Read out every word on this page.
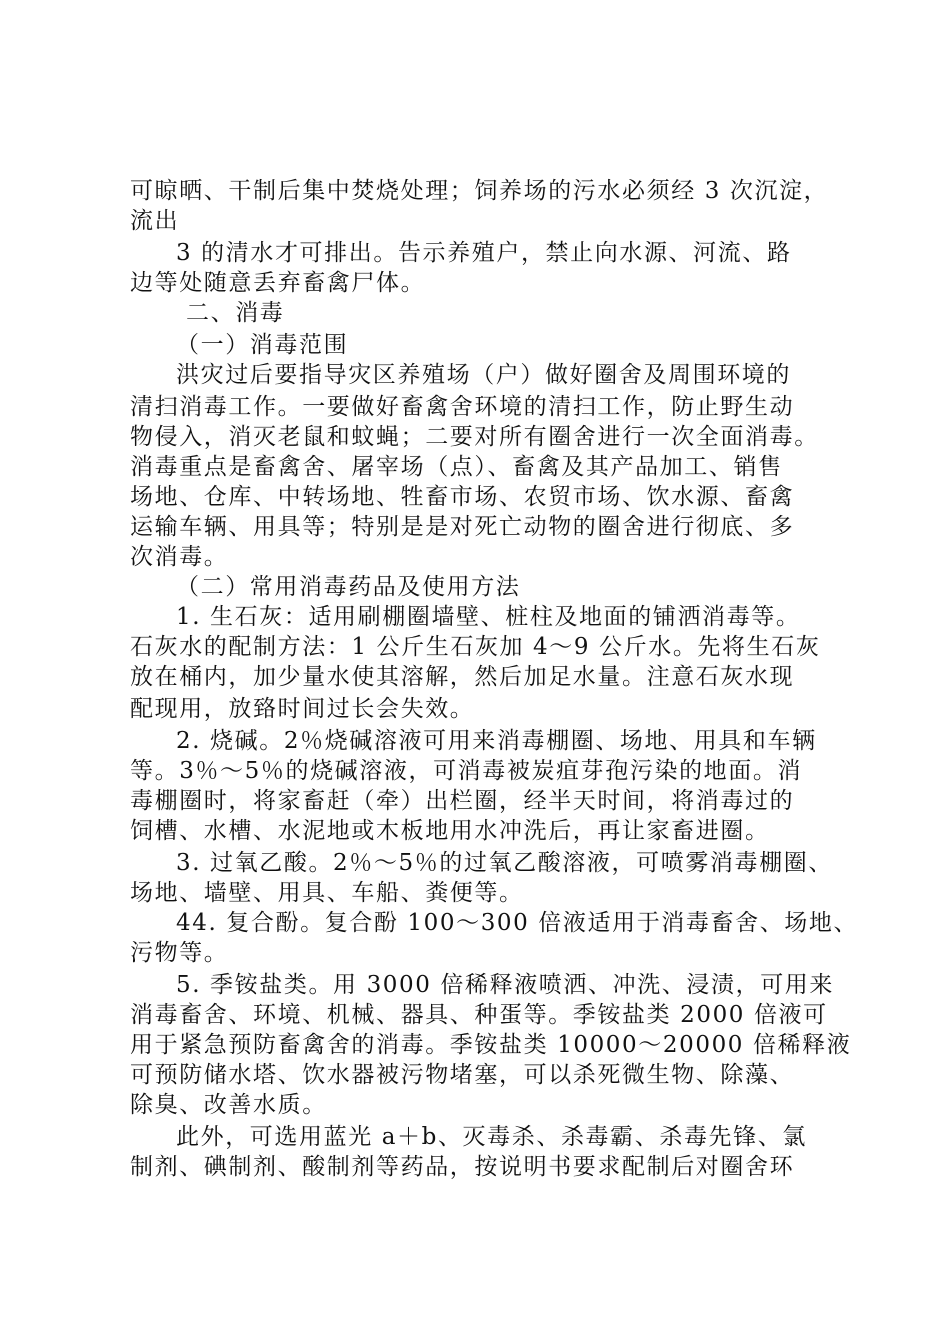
可晾晒、干制后集中焚烧处理；饲养场的污水必须经 3 次沉淀，
流出
3 的清水才可排出。告示养殖户，禁止向水源、河流、路
边等处随意丢弃畜禽尸体。
二、消毒
（一）消毒范围
洪灾过后要指导灾区养殖场（户）做好圈舍及周围环境的
清扫消毒工作。一要做好畜禽舍环境的清扫工作，防止野生动
物侵入，消灭老鼠和蚊蝇；二要对所有圈舍进行一次全面消毒。
消毒重点是畜禽舍、屠宰场（点）、畜禽及其产品加工、销售
场地、仓库、中转场地、牲畜市场、农贸市场、饮水源、畜禽
运输车辆、用具等；特别是是对死亡动物的圈舍进行彻底、多
次消毒。
（二）常用消毒药品及使用方法
1. 生石灰：适用刷棚圈墙壁、桩柱及地面的铺洒消毒等。
石灰水的配制方法：1 公斤生石灰加 4～9 公斤水。先将生石灰
放在桶内，加少量水使其溶解，然后加足水量。注意石灰水现
配现用，放臵时间过长会失效。
2. 烧碱。2％烧碱溶液可用来消毒棚圈、场地、用具和车辆
等。3％～5％的烧碱溶液，可消毒被炭疽芽孢污染的地面。消
毒棚圈时，将家畜赶（牵）出栏圈，经半天时间，将消毒过的
饲槽、水槽、水泥地或木板地用水冲洗后，再让家畜进圈。
3. 过氧乙酸。2％～5％的过氧乙酸溶液，可喷雾消毒棚圈、
场地、墙壁、用具、车船、粪便等。
44. 复合酚。复合酚 100～300 倍液适用于消毒畜舍、场地、
污物等。
5. 季铵盐类。用 3000 倍稀释液喷洒、冲洗、浸渍，可用来
消毒畜舍、环境、机械、器具、种蛋等。季铵盐类 2000 倍液可
用于紧急预防畜禽舍的消毒。季铵盐类 10000～20000 倍稀释液
可预防储水塔、饮水器被污物堵塞，可以杀死微生物、除藻、
除臭、改善水质。
此外，可选用蓝光 a＋b、灭毒杀、杀毒霸、杀毒先锋、氯
制剂、碘制剂、酸制剂等药品，按说明书要求配制后对圈舍环
